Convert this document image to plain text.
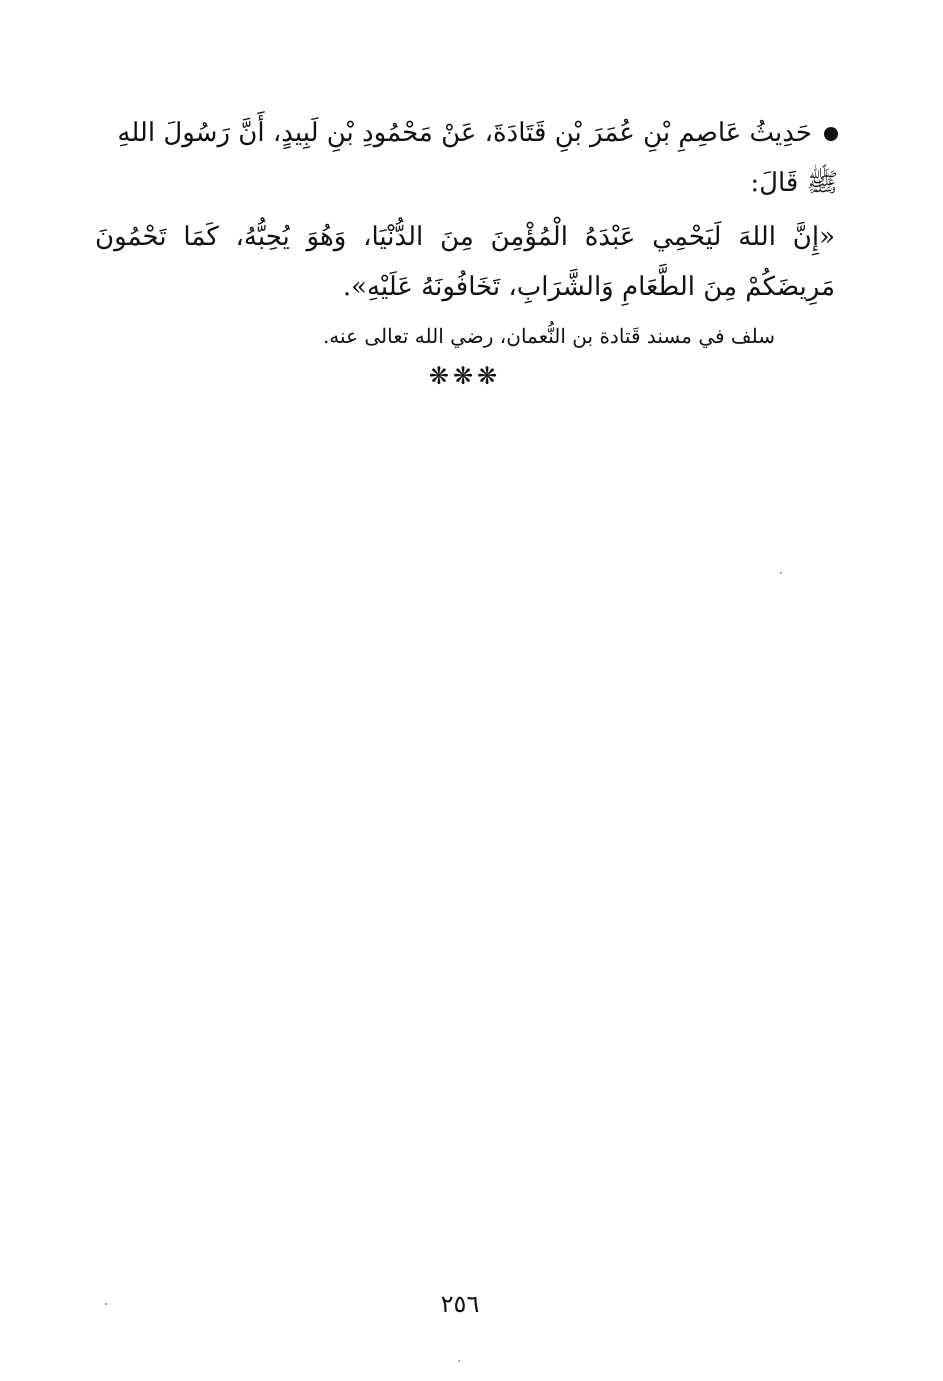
حَدِيثُ عَاصِمِ بْنِ عُمَرَ بْنِ قَتَادَةَ، عَنْ مَحْمُودِ بْنِ لَبِيدٍ، أَنَّ رَسُولَ اللهِ ﷺ قَالَ:
«إِنَّ اللهَ لَيَحْمِي عَبْدَهُ الْمُؤْمِنَ مِنَ الدُّنْيَا، وَهُوَ يُحِبُّهُ، كَمَا تَحْمُونَ مَرِيضَكُمْ مِنَ الطَّعَامِ وَالشَّرَابِ، تَخَافُونَهُ عَلَيْهِ».
سلف في مسند قَتادة بن النُّعمان، رضي الله تعالى عنه.
❋❋❋
٢٥٦
